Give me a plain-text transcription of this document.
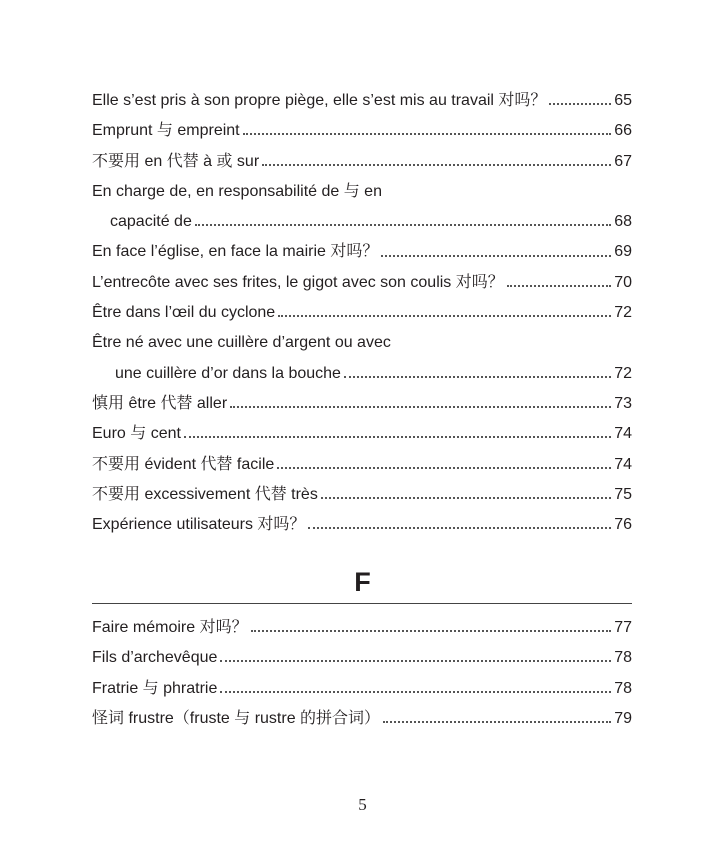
Elle s’est pris à son propre piège, elle s’est mis au travail 对吗？	65
Emprunt 与 empreint	66
不要用 en 代替 à 或 sur	67
En charge de, en responsabilité de 与 en
capacité de	68
En face l’église, en face la mairie 对吗？	69
L’entrecôte avec ses frites, le gigot avec son coulis 对吗？	70
Être dans l’œil du cyclone	72
Être né avec une cuillère d’argent ou avec
une cuillère d’or dans la bouche	72
慎用 être 代替 aller	73
Euro 与 cent	74
不要用 évident 代替 facile	74
不要用 excessivement 代替 très	75
Expérience utilisateurs 对吗？	76
F
Faire mémoire 对吗？	77
Fils d’archevêque	78
Fratrie 与 phratrie	78
怪词 frustre（fruste 与 rustre 的拼合词）	79
5
